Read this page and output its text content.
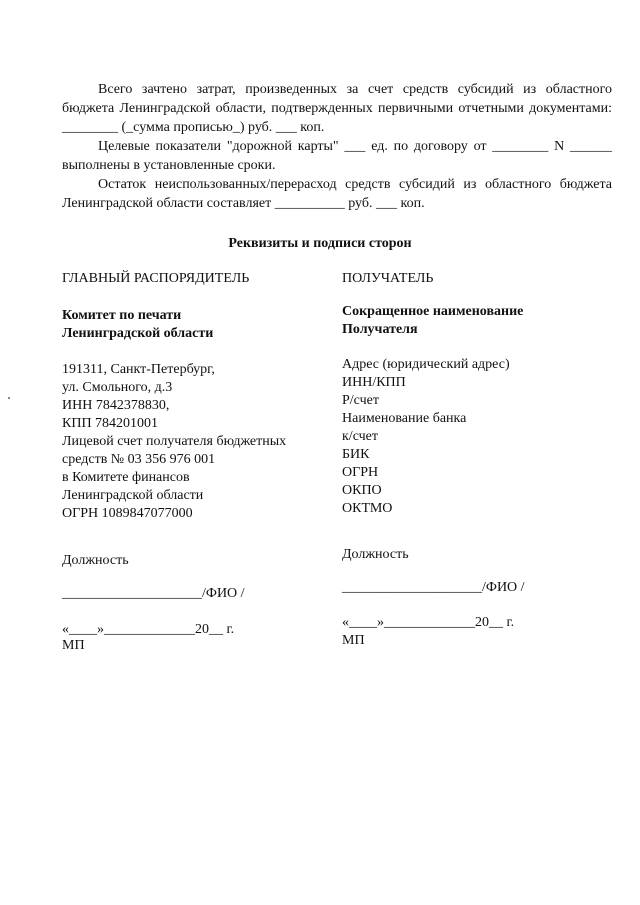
Всего зачтено затрат, произведенных за счет средств субсидий из областного бюджета Ленинградской области, подтвержденных первичными отчетными документами: ________ (_сумма прописью_) руб. ___ коп.

Целевые показатели "дорожной карты" ___ ед. по договору от ________ N ______ выполнены в установленные сроки.

Остаток неиспользованных/перерасход средств субсидий из областного бюджета Ленинградской области составляет __________ руб. ___ коп.

Реквизиты и подписи сторон
ГЛАВНЫЙ РАСПОРЯДИТЕЛЬ
Комитет по печати
Ленинградской области
191311, Санкт-Петербург,
ул. Смольного, д.3
ИНН 7842378830,
КПП 784201001
Лицевой счет получателя бюджетных
средств № 03 356 976 001
в Комитете финансов
Ленинградской области
ОГРН 1089847077000
Должность
____________________/ФИО /
«____»_____________20__ г.
МП
ПОЛУЧАТЕЛЬ
Сокращенное наименование
Получателя
Адрес (юридический адрес)
ИНН/КПП
Р/счет
Наименование банка
к/счет
БИК
ОГРН
ОКПО
ОКТМО
Должность
____________________/ФИО /
«____»_____________20__ г.
МП
